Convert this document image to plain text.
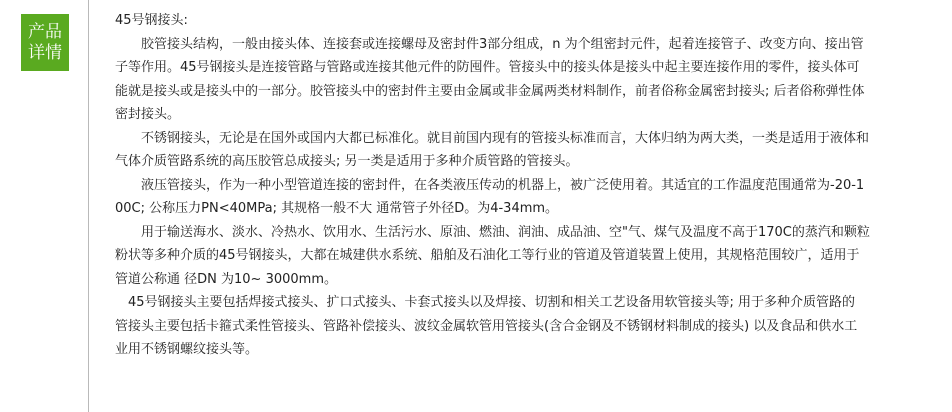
产品
详情

45号钢接头:

胶管接头结构，一般由接头体、连接套或连接螺母及密封件3部分组成，n 为个组密封元件，起着连接管子、改变方向、接出管
子等作用。45号钢接头是连接管路与管路或连接其他元件的防囤件。管接头中的接头体是接头中起主要连接作用的零件，接头体可
能就是接头或是接头中的一部分。胶管接头中的密封件主要由金属或非金属两类材料制作，前者俗称金属密封接头; 后者俗称弹性体
密封接头。

不锈钢接头，无论是在国外或国内大都已标准化。就目前国内现有的管接头标准而言，大体归纳为两大类，一类是适用于液体和
气体介质管路系统的高压胶管总成接头; 另一类是适用于多种介质管路的管接头。

液压管接头，作为一种小型管道连接的密封件，在各类液压传动的机器上，被广泛使用着。其适宜的工作温度范围通常为-20-1
00C; 公称压力PN<40MPa; 其规格一般不大 通常管子外径D。为4-34mm。

用于输送海水、淡水、冷热水、饮用水、生活污水、原油、燃油、润油、成品油、空"气、煤气及温度不高于170C的蒸汽和颗粒
粉状等多种介质的45号钢接头，大都在城建供水系统、船舶及石油化工等行业的管道及管道装置上使用，其规格范围较广，适用于
管道公称通 径DN 为10~ 3000mm。

45号钢接头主要包括焊接式接头、扩口式接头、卡套式接头以及焊接、切割和相关工艺设备用软管接头等; 用于多种介质管路的
管接头主要包括卡箍式柔性管接头、管路补偿接头、波纹金属软管用管接头(含合金钢及不锈钢材料制成的接头) 以及食品和供水工
业用不锈钢螺纹接头等。
